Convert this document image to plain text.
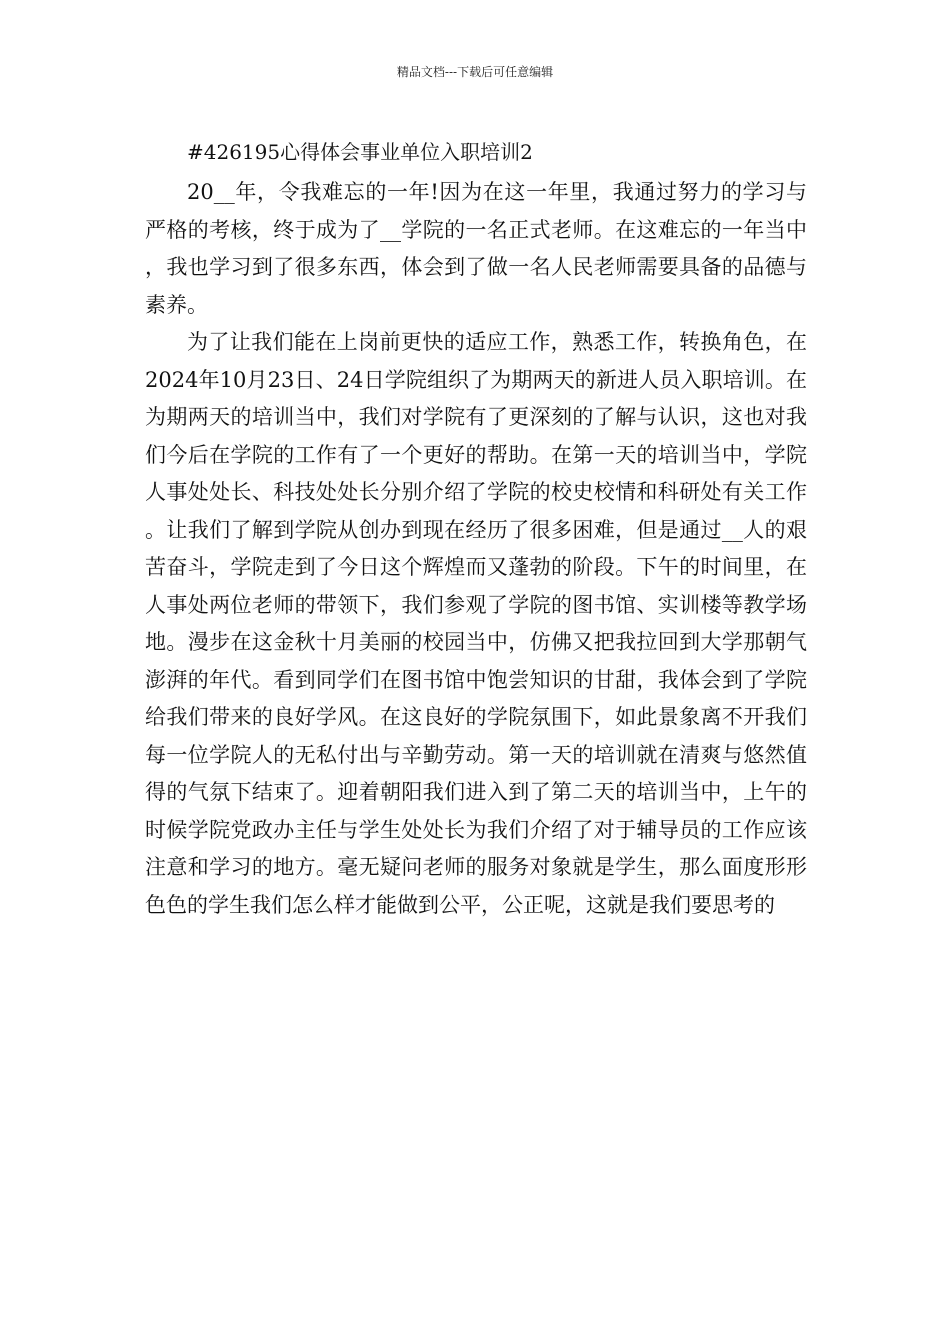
精品文档---下载后可任意编辑
#426195心得体会事业单位入职培训2

20__年，令我难忘的一年!因为在这一年里，我通过努力的学习与严格的考核，终于成为了__学院的一名正式老师。在这难忘的一年当中，我也学习到了很多东西，体会到了做一名人民老师需要具备的品德与素养。

为了让我们能在上岗前更快的适应工作，熟悉工作，转换角色，在2024年10月23日、24日学院组织了为期两天的新进人员入职培训。在为期两天的培训当中，我们对学院有了更深刻的了解与认识，这也对我们今后在学院的工作有了一个更好的帮助。在第一天的培训当中，学院人事处处长、科技处处长分别介绍了学院的校史校情和科研处有关工作。让我们了解到学院从创办到现在经历了很多困难，但是通过__人的艰苦奋斗，学院走到了今日这个辉煌而又蓬勃的阶段。下午的时间里，在人事处两位老师的带领下，我们参观了学院的图书馆、实训楼等教学场地。漫步在这金秋十月美丽的校园当中，仿佛又把我拉回到大学那朝气澎湃的年代。看到同学们在图书馆中饱尝知识的甘甜，我体会到了学院给我们带来的良好学风。在这良好的学院氛围下，如此景象离不开我们每一位学院人的无私付出与辛勤劳动。第一天的培训就在清爽与悠然值得的气氛下结束了。迎着朝阳我们进入到了第二天的培训当中，上午的时候学院党政办主任与学生处处长为我们介绍了对于辅导员的工作应该注意和学习的地方。毫无疑问老师的服务对象就是学生，那么面度形形色色的学生我们怎么样才能做到公平，公正呢，这就是我们要思考的
